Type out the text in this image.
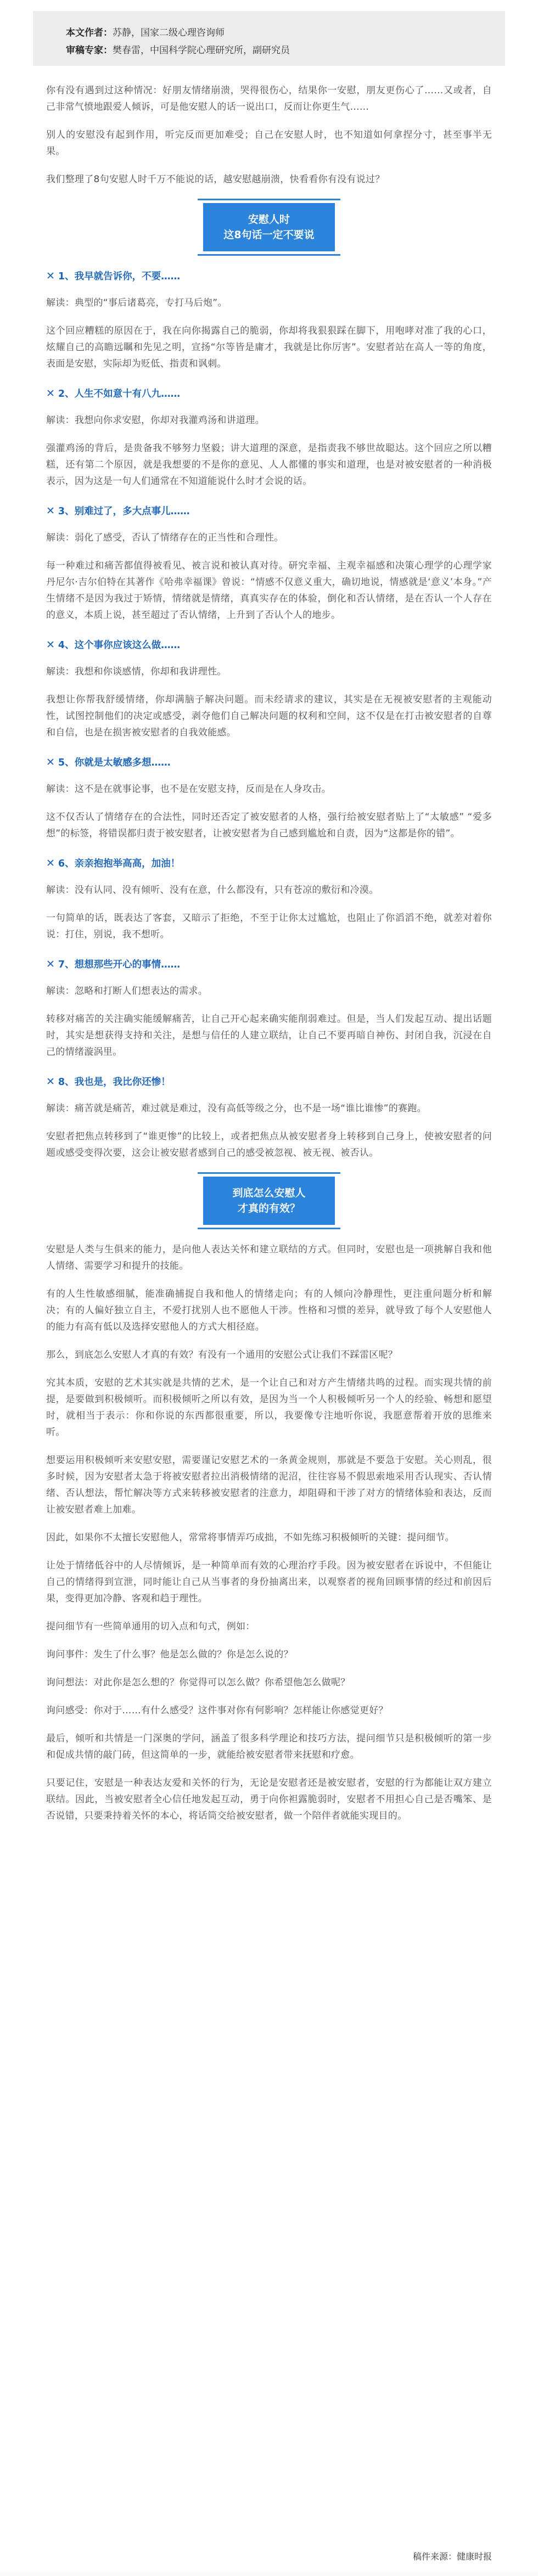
本文作者：苏静，国家二级心理咨询师
审稿专家：樊春雷，中国科学院心理研究所，副研究员

你有没有遇到过这种情况：好朋友情绪崩溃，哭得很伤心，结果你一安慰，朋友更伤心了……又或者，自己非常气愤地跟爱人倾诉，可是他安慰人的话一说出口，反而让你更生气……

别人的安慰没有起到作用，听完反而更加难受；自己在安慰人时，也不知道如何拿捏分寸，甚至事半无果。

我们整理了8句安慰人时千万不能说的话，越安慰越崩溃，快看看你有没有说过？

安慰人时
这8句话一定不要说
✕ 1、我早就告诉你，不要……

解读：典型的“事后诸葛亮，专打马后炮”。

这个回应糟糕的原因在于，我在向你揭露自己的脆弱，你却将我狠狠踩在脚下，用咆哮对准了我的心口，炫耀自己的高瞻远瞩和先见之明，宣扬“尔等皆是庸才，我就是比你厉害”。安慰者站在高人一等的角度，表面是安慰，实际却为贬低、指责和讽刺。

✕ 2、人生不如意十有八九……

解读：我想向你求安慰，你却对我灌鸡汤和讲道理。

强灌鸡汤的背后，是贵备我不够努力坚毅；讲大道理的深意，是指责我不够世故聪达。这个回应之所以糟糕，还有第二个原因，就是我想要的不是你的意见、人人都懂的事实和道理，也是对被安慰者的一种消极表示，因为这是一句人们通常在不知道能说什么时才会说的话。

✕ 3、别难过了，多大点事儿……

解读：弱化了感受，否认了情绪存在的正当性和合理性。

每一种难过和痛苦都值得被看见、被言说和被认真对待。研究幸福、主观幸福感和决策心理学的心理学家丹尼尔·吉尔伯特在其著作《哈弗幸福课》曾说：“情感不仅意义重大，确切地说，情感就是‘意义’本身。”产生情绪不是因为我过于矫情，情绪就是情绪，真真实存在的体验，倒化和否认情绪，是在否认一个人存在的意义，本质上说，甚至超过了否认情绪，上升到了否认个人的地步。

✕ 4、这个事你应该这么做……

解读：我想和你谈感情，你却和我讲理性。

我想让你帮我舒缓情绪，你却满脑子解决问题。而未经请求的建议，其实是在无视被安慰者的主观能动性，试图控制他们的决定或感受，剥夺他们自己解决问题的权利和空间，这不仅是在打击被安慰者的自尊和自信，也是在损害被安慰者的自我效能感。

✕ 5、你就是太敏感多想……

解读：这不是在就事论事，也不是在安慰支持，反而是在人身攻击。

这不仅否认了情绪存在的合法性，同时还否定了被安慰者的人格，强行给被安慰者贴上了“太敏感” “爱多想”的标签，将错误都归责于被安慰者，让被安慰者为自己感到尴尬和自责，因为“这都是你的错”。

✕ 6、亲亲抱抱举高高，加油！

解读：没有认同、没有倾听、没有在意，什么都没有，只有苍凉的敷衍和冷漠。

一句简单的话，既表达了客套，又暗示了拒绝，不至于让你太过尴尬，也阻止了你滔滔不绝，就差对着你说：打住，别说，我不想听。

✕ 7、想想那些开心的事情……

解读：忽略和打断人们想表达的需求。

转移对痛苦的关注确实能缓解痛苦，让自己开心起来确实能削弱难过。但是，当人们发起互动、提出话题时，其实是想获得支持和关注，是想与信任的人建立联结，让自己不要再暗自神伤、封闭自我，沉浸在自己的情绪漩涡里。

✕ 8、我也是，我比你还惨！

解读：痛苦就是痛苦，难过就是难过，没有高低等级之分，也不是一场“谁比谁惨”的赛跑。

安慰者把焦点转移到了“谁更惨”的比较上，或者把焦点从被安慰者身上转移到自己身上，使被安慰者的问题或感受变得次要，这会让被安慰者感到自己的感受被忽视、被无视、被否认。

到底怎么安慰人
才真的有效？

安慰是人类与生俱来的能力，是向他人表达关怀和建立联结的方式。但同时，安慰也是一项挑解自我和他人情绪、需要学习和提升的技能。

有的人生性敏感细腻，能准确捕捉自我和他人的情绪走向；有的人倾向冷静理性，更注重问题分析和解决；有的人偏好独立自主，不爱打扰别人也不愿他人干涉。性格和习惯的差异，就导致了每个人安慰他人的能力有高有低以及选择安慰他人的方式大相径庭。

那么，到底怎么安慰人才真的有效？有没有一个通用的安慰公式让我们不踩雷区呢？

究其本质，安慰的艺术其实就是共情的艺术，是一个让自己和对方产生情绪共鸣的过程。而实现共情的前提，是要做到积极倾听。而积极倾听之所以有效，是因为当一个人积极倾听另一个人的经验、畅想和愿望时，就相当于表示：你和你说的东西都很重要，所以，我要像专注地听你说，我愿意帮着开放的思维来听。

想要运用积极倾听来安慰安慰，需要谨记安慰艺术的一条黄金规则，那就是不要急于安慰。关心则乱，很多时候，因为安慰者太急于将被安慰者拉出消极情绪的泥沼，往往容易不假思索地采用否认现实、否认情绪、否认想法，帮忙解决等方式来转移被安慰者的注意力，却阻碍和干涉了对方的情绪体验和表达，反而让被安慰者难上加难。

因此，如果你不太擅长安慰他人，常常将事情弄巧成拙，不如先练习积极倾听的关键：提问细节。

让处于情绪低谷中的人尽情倾诉，是一种简单而有效的心理治疗手段。因为被安慰者在诉说中，不但能让自己的情绪得到宣泄，同时能让自己从当事者的身份抽离出来，以观察者的视角回顾事情的经过和前因后果，变得更加冷静、客观和趋于理性。

提问细节有一些简单通用的切入点和句式，例如：

询问事件：发生了什么事？他是怎么做的？你是怎么说的？

询问想法：对此你是怎么想的？你觉得可以怎么做？你希望他怎么做呢？

询问感受：你对于……有什么感受？这件事对你有何影响？怎样能让你感觉更好？

最后，倾听和共情是一门深奥的学问，涵盖了很多科学理论和技巧方法，提问细节只是积极倾听的第一步和促成共情的敲门砖，但这简单的一步，就能给被安慰者带来抚慰和疗愈。

只要记住，安慰是一种表达友爱和关怀的行为，无论是安慰者还是被安慰者，安慰的行为都能让双方建立联结。因此，当被安慰者全心信任地发起互动，勇于向你袒露脆弱时，安慰者不用担心自己是否嘴笨、是否说错，只要秉持着关怀的本心，将话筒交给被安慰者，做一个陪伴者就能实现目的。

稿件来源：健康时报
